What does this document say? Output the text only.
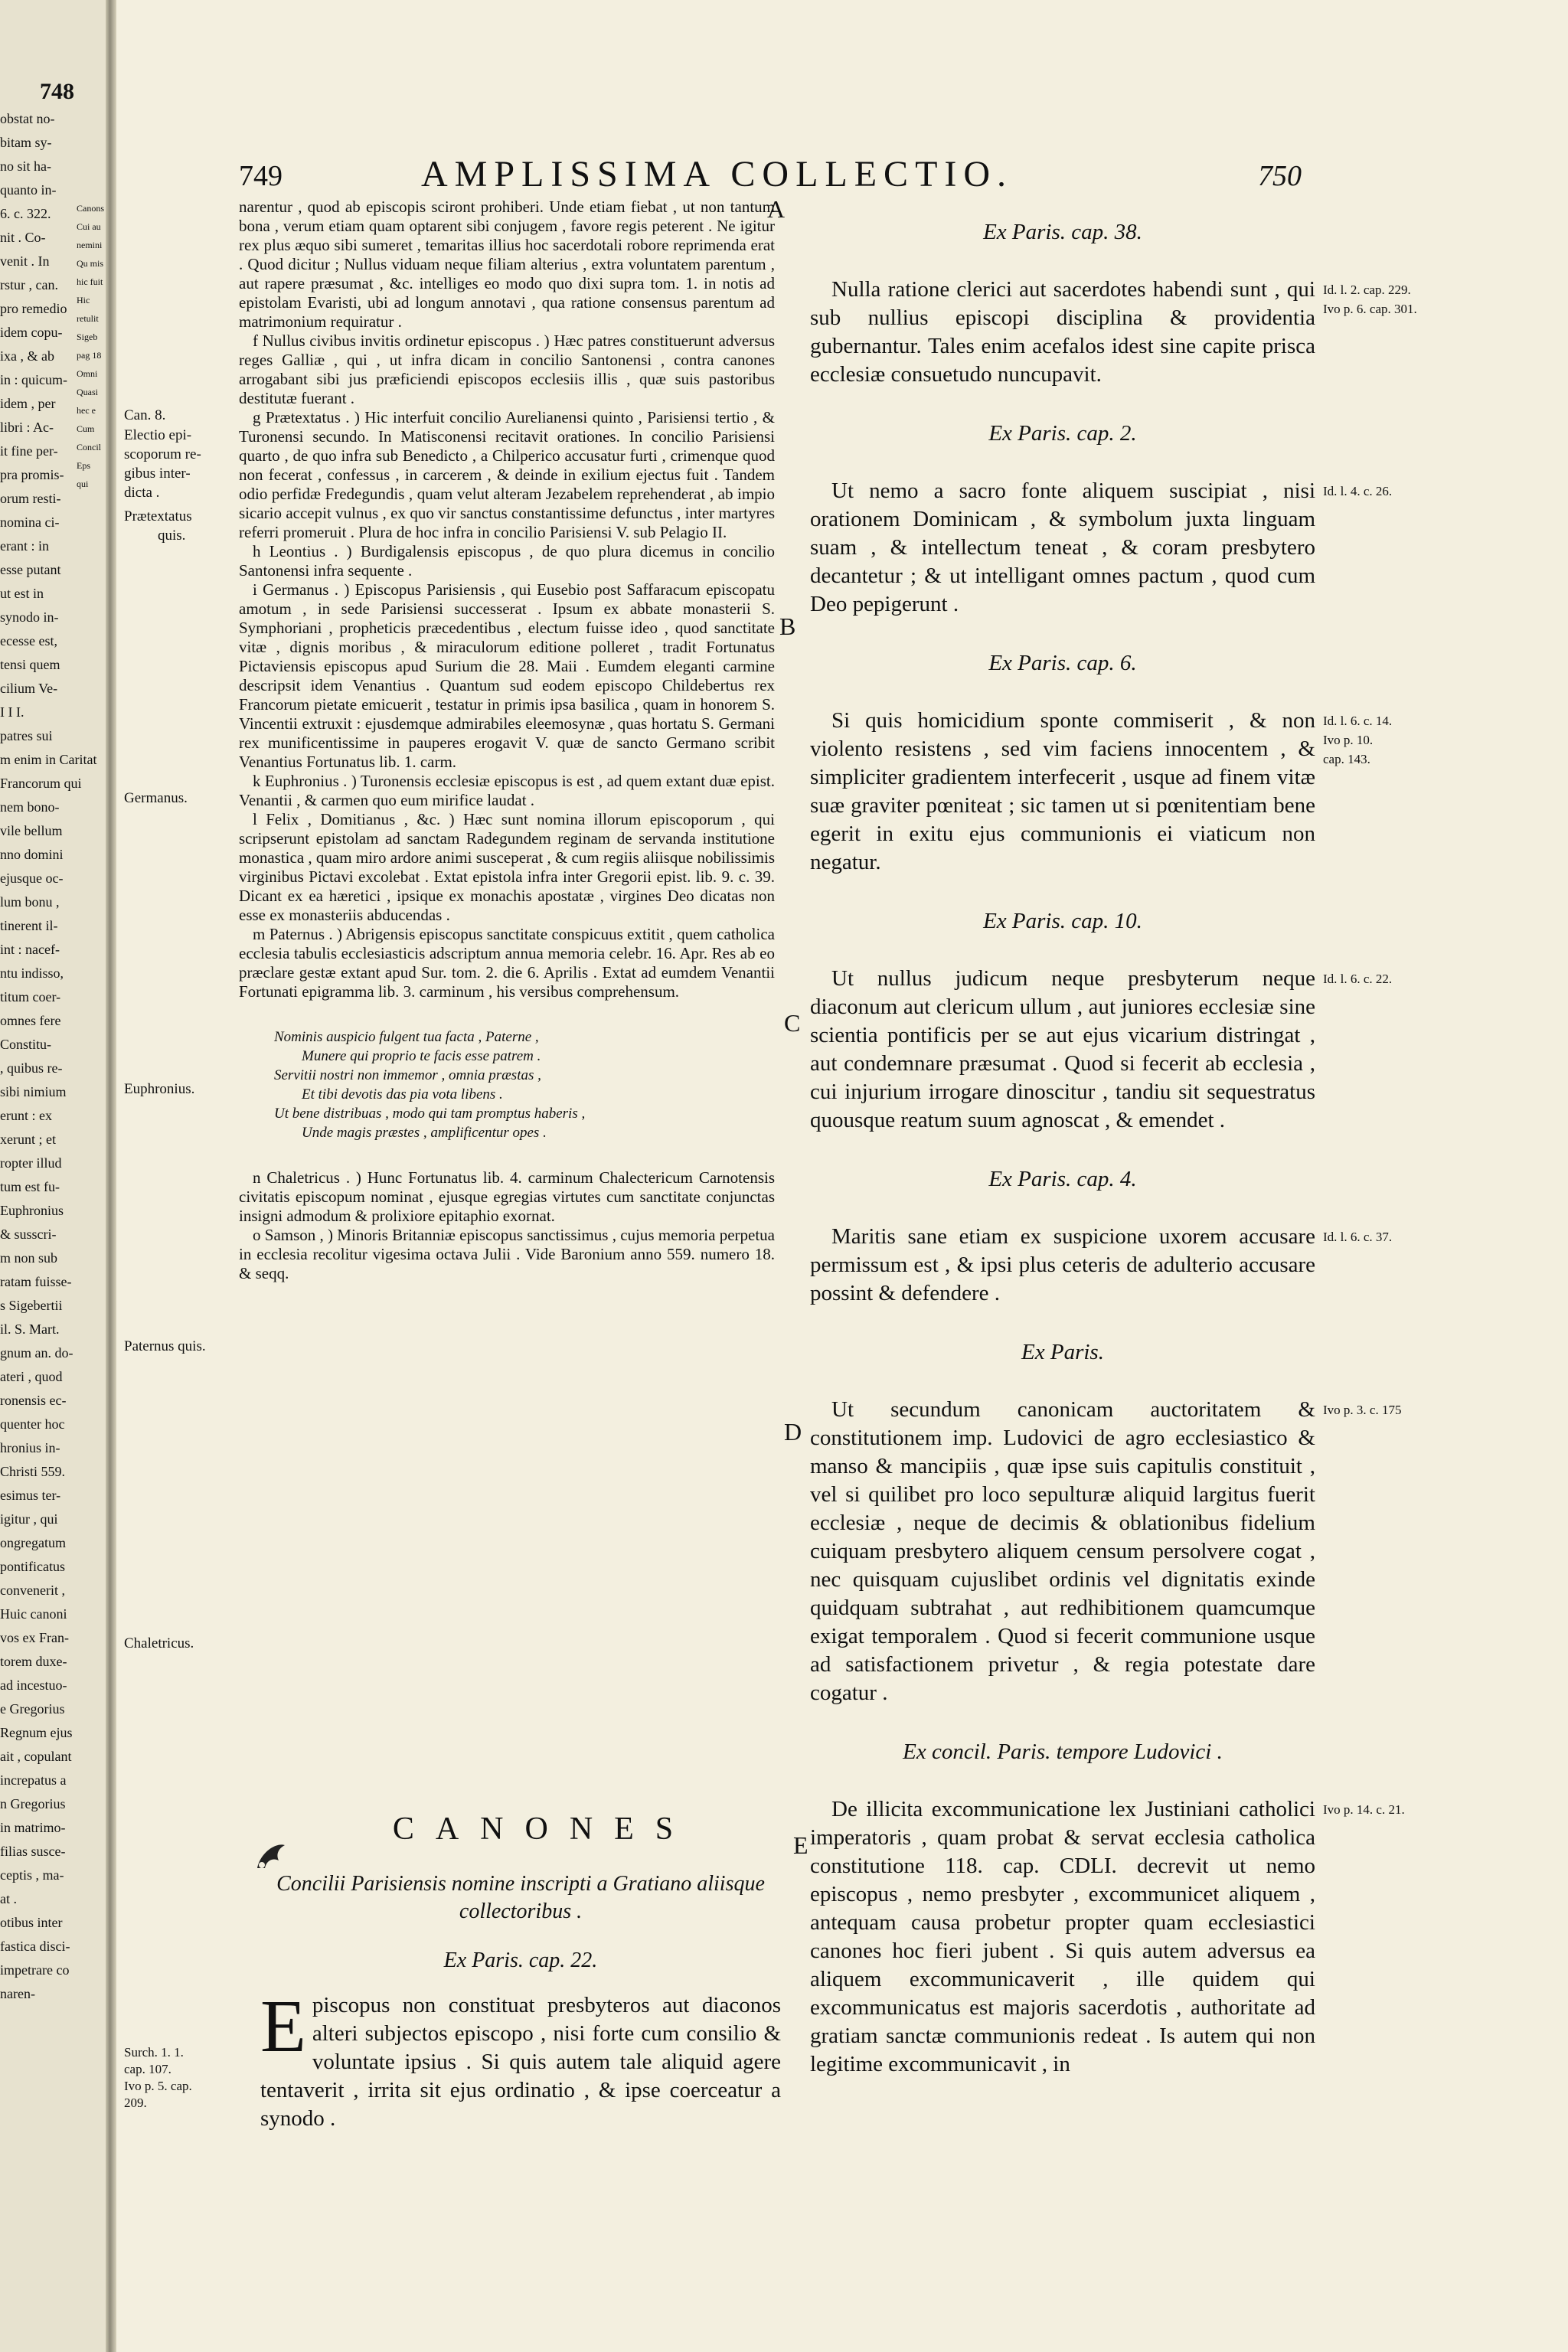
748
obstat no-
bitam sy-
no sit ha-
quanto in-
6. c. 322.
nit . Co-
venit . In
rstur , can.
pro remedio
idem copu-
ixa , & ab
in : quicum-
idem , per
libri : Ac-
it fine per-
pra promis-
orum resti-
nomina ci-
erant : in
esse putant
ut est in
synodo in-
ecesse est,
tensi quem
cilium Ve-
I I I.
patres sui
m enim in Caritat
Francorum qui
nem bono-
vile bellum
nno domini
ejusque oc-
lum bonu ,
tinerent il-
int : nacef-
ntu indisso,
titum coer-
omnes fere
Constitu-
, quibus re-
sibi nimium
erunt : ex
xerunt ; et
ropter illud
tum est fu-
Euphronius
& susscri-
m non sub
ratam fuisse-
s Sigebertii
il. S. Mart.
gnum an. do-
ateri , quod
ronensis ec-
quenter hoc
hronius in-
Christi 559.
esimus ter-
igitur , qui
ongregatum
pontificatus
convenerit ,
Huic canoni
vos ex Fran-
torem duxe-
ad incestuo-
e Gregorius
Regnum ejus
ait , copulant
increpatus a
n Gregorius
in matrimo-
filias susce-
ceptis , ma-
at .
otibus inter
fastica disci-
impetrare co
naren-
Canons
Cui au
nemini
Qu mis
hic fuit
Hic
retulit
Sigeb
pag 18
Omni
Quasi
hec e
Cum
Concil
Eps
qui
749	AMPLISSIMA COLLECTIO.	750
A
B
C
D
E
Can. 8.
Electio epi-
scoporum re-
gibus inter-
dicta .
Prætextatus
quis.
Germanus.
Euphronius.
Paternus quis.
Chaletricus.
Surch. 1. 1.
cap. 107.
Ivo p. 5. cap.
209.

narentur , quod ab episcopis sciront prohiberi. Unde etiam fiebat , ut non tantum bona , verum etiam quam optarent sibi conjugem , favore regis peterent . Ne igitur rex plus æquo sibi sumeret , temaritas illius hoc sacerdotali robore reprimenda erat . Quod dicitur ; Nullus viduam neque filiam alterius , extra voluntatem parentum , aut rapere præsumat , &c. intelliges eo modo quo dixi supra tom. 1. in notis ad epistolam Evaristi, ubi ad longum annotavi , qua ratione consensus parentum ad matrimonium requiratur .

f Nullus civibus invitis ordinetur episcopus . ) Hæc patres constituerunt adversus reges Galliæ , qui , ut infra dicam in concilio Santonensi , contra canones arrogabant sibi jus præficiendi episcopos ecclesiis illis , quæ suis pastoribus destitutæ fuerant .

g Prætextatus . ) Hic interfuit concilio Aurelianensi quinto , Parisiensi tertio , & Turonensi secundo. In Matisconensi recitavit orationes. In concilio Parisiensi quarto , de quo infra sub Benedicto , a Chilperico accusatur furti , crimenque quod non fecerat , confessus , in carcerem , & deinde in exilium ejectus fuit . Tandem odio perfidæ Fredegundis , quam velut alteram Jezabelem reprehenderat , ab impio sicario accepit vulnus , ex quo vir sanctus constantissime defunctus , inter martyres referri promeruit . Plura de hoc infra in concilio Parisiensi V. sub Pelagio II.

h Leontius . ) Burdigalensis episcopus , de quo plura dicemus in concilio Santonensi infra sequente .

i Germanus . ) Episcopus Parisiensis , qui Eusebio post Saffaracum episcopatu amotum , in sede Parisiensi successerat . Ipsum ex abbate monasterii S. Symphoriani , propheticis præcedentibus , electum fuisse ideo , quod sanctitate vitæ , dignis moribus , & miraculorum editione polleret , tradit Fortunatus Pictaviensis episcopus apud Surium die 28. Maii . Eumdem eleganti carmine descripsit idem Venantius . Quantum sud eodem episcopo Childebertus rex Francorum pietate emicuerit , testatur in primis ipsa basilica , quam in honorem S. Vincentii extruxit : ejusdemque admirabiles eleemosynæ , quas hortatu S. Germani rex munificentissime in pauperes erogavit V. quæ de sancto Germano scribit Venantius Fortunatus lib. 1. carm.

k Euphronius . ) Turonensis ecclesiæ episcopus is est , ad quem extant duæ epist. Venantii , & carmen quo eum mirifice laudat .

l Felix , Domitianus , &c. ) Hæc sunt nomina illorum episcoporum , qui scripserunt epistolam ad sanctam Radegundem reginam de servanda institutione monastica , quam miro ardore animi susceperat , & cum regiis aliisque nobilissimis virginibus Pictavi excolebat . Extat epistola infra inter Gregorii epist. lib. 9. c. 39. Dicant ex ea hæretici , ipsique ex monachis apostatæ , virgines Deo dicatas non esse ex monasteriis abducendas .

m Paternus . ) Abrigensis episcopus sanctitate conspicuus extitit , quem catholica ecclesia tabulis ecclesiasticis adscriptum annua memoria celebr. 16. Apr. Res ab eo præclare gestæ extant apud Sur. tom. 2. die 6. Aprilis . Extat ad eumdem Venantii Fortunati epigramma lib. 3. carminum , his versibus comprehensum.

Nominis auspicio fulgent tua facta , Paterne ,
Munere qui proprio te facis esse patrem .
Servitii nostri non immemor , omnia præstas ,
Et tibi devotis das pia vota libens .
Ut bene distribuas , modo qui tam promptus haberis ,
Unde magis præstes , amplificentur opes .

n Chaletricus . ) Hunc Fortunatus lib. 4. carminum Chalectericum Carnotensis civitatis episcopum nominat , ejusque egregias virtutes cum sanctitate conjunctas insigni admodum & prolixiore epitaphio exornat.

o Samson , ) Minoris Britanniæ episcopus sanctissimus , cujus memoria perpetua in ecclesia recolitur vigesima octava Julii . Vide Baronium anno 559. numero 18. & seqq.

CANONES
Concilii Parisiensis nomine inscripti a Gratiano aliisque collectoribus .
Ex Paris. cap. 22.
E piscopus non constituat presbyteros aut diaconos alteri subjectos episcopo , nisi forte cum consilio & voluntate ipsius . Si quis autem tale aliquid agere tentaverit , irrita sit ejus ordinatio , & ipse coerceatur a synodo .
Ex Paris. cap. 38.

Nulla ratione clerici aut sacerdotes habendi sunt , qui sub nullius episcopi disciplina & providentia gubernantur. Tales enim acefalos idest sine capite prisca ecclesiæ consuetudo nuncupavit.

Ex Paris. cap. 2.

Ut nemo a sacro fonte aliquem suscipiat , nisi orationem Dominicam , & symbolum juxta linguam suam , & intellectum teneat , & coram presbytero decantetur ; & ut intelligant omnes pactum , quod cum Deo pepigerunt .

Ex Paris. cap. 6.

Si quis homicidium sponte commiserit , & non violento resistens , sed vim faciens innocentem , & simpliciter gradientem interfecerit , usque ad finem vitæ suæ graviter pœniteat ; sic tamen ut si pœnitentiam bene egerit in exitu ejus communionis ei viaticum non negatur.

Ex Paris. cap. 10.

Ut nullus judicum neque presbyterum neque diaconum aut clericum ullum , aut juniores ecclesiæ sine scientia pontificis per se aut ejus vicarium distringat , aut condemnare præsumat . Quod si fecerit ab ecclesia , cui injurium irrogare dinoscitur , tandiu sit sequestratus quousque reatum suum agnoscat , & emendet .

Ex Paris. cap. 4.

Maritis sane etiam ex suspicione uxorem accusare permissum est , & ipsi plus ceteris de adulterio accusare possint & defendere .

Ex Paris.

Ut secundum canonicam auctoritatem & constitutionem imp. Ludovici de agro ecclesiastico & manso & mancipiis , quæ ipse suis capitulis constituit , vel si quilibet pro loco sepulturæ aliquid largitus fuerit ecclesiæ , neque de decimis & oblationibus fidelium cuiquam presbytero aliquem censum persolvere cogat , nec quisquam cujuslibet ordinis vel dignitatis exinde quidquam subtrahat , aut redhibitionem quamcumque exigat temporalem . Quod si fecerit communione usque ad satisfactionem privetur , & regia potestate dare cogatur .

Ex concil. Paris. tempore Ludovici .

De illicita excommunicatione lex Justiniani catholici imperatoris , quam probat & servat ecclesia catholica constitutione 118. cap. CDLI. decrevit ut nemo episcopus , nemo presbyter , excommunicet aliquem , antequam causa probetur propter quam ecclesiastici canones hoc fieri jubent . Si quis autem adversus ea aliquem excommunicaverit , ille quidem qui excommunicatus est majoris sacerdotis , authoritate ad gratiam sanctæ communionis redeat . Is autem qui non legitime excommunicavit , in

Id. l. 2. cap. 229.
Ivo p. 6. cap. 301.
Id. l. 4. c. 26.
Id. l. 6. c. 14.
Ivo p. 10.
cap. 143.
Id. l. 6. c. 22.
Id. l. 6. c. 37.
Ivo p. 3. c. 175
Ivo p. 14. c. 21.
